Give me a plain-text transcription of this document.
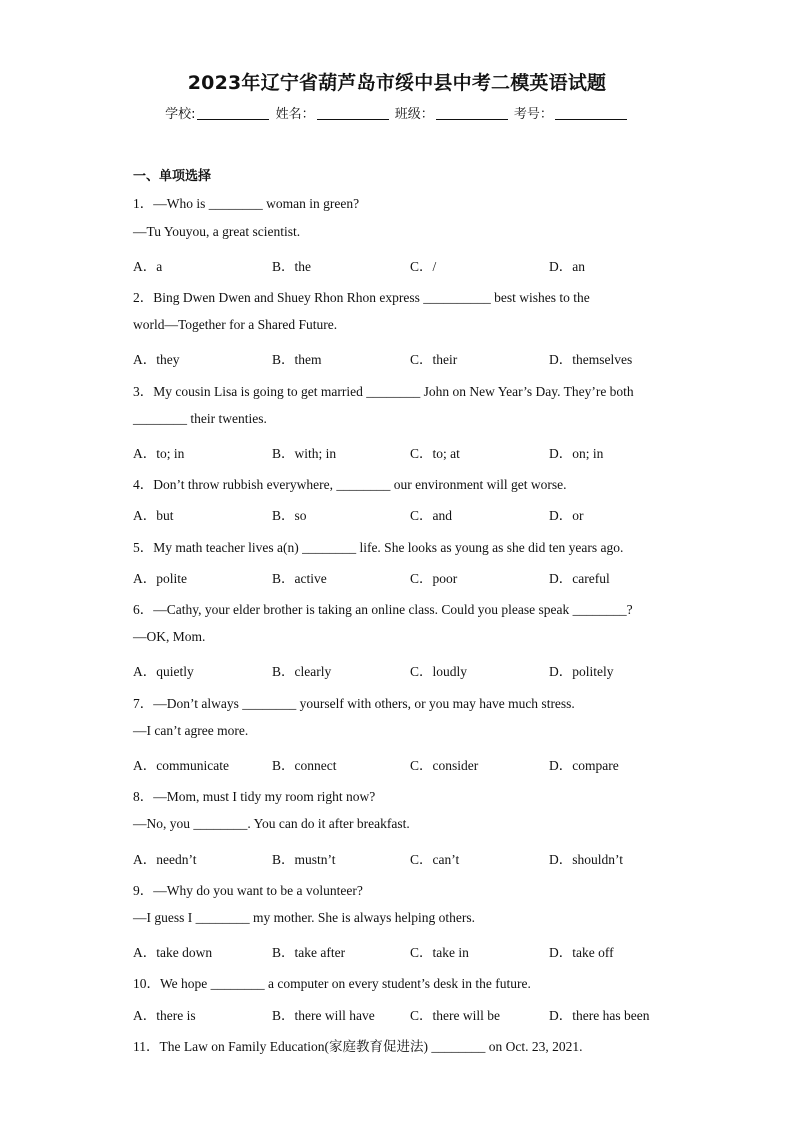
2023年辽宁省葫芦岛市绥中县中考二模英语试题
学校:	姓名：	班级：	考号：
一、单项选择
1．—Who is ________ woman in green?
—Tu Youyou, a great scientist.
A．a	B．the	C．/	D．an
2．Bing Dwen Dwen and Shuey Rhon Rhon express __________ best wishes to the
world—Together for a Shared Future.
A．they	B．them	C．their	D．themselves
3．My cousin Lisa is going to get married ________ John on New Year’s Day. They’re both
________ their twenties.
A．to; in	B．with; in	C．to; at	D．on; in
4．Don’t throw rubbish everywhere, ________ our environment will get worse.
A．but	B．so	C．and	D．or
5．My math teacher lives a(n) ________ life. She looks as young as she did ten years ago.
A．polite	B．active	C．poor	D．careful
6．—Cathy, your elder brother is taking an online class. Could you please speak ________?
—OK, Mom.
A．quietly	B．clearly	C．loudly	D．politely
7．—Don’t always ________ yourself with others, or you may have much stress.
—I can’t agree more.
A．communicate	B．connect	C．consider	D．compare
8．—Mom, must I tidy my room right now?
—No, you ________. You can do it after breakfast.
A．needn’t	B．mustn’t	C．can’t	D．shouldn’t
9．—Why do you want to be a volunteer?
—I guess I ________ my mother. She is always helping others.
A．take down	B．take after	C．take in	D．take off
10．We hope ________ a computer on every student’s desk in the future.
A．there is	B．there will have	C．there will be	D．there has been
11．The Law on Family Education(家庭教育促进法) ________ on Oct. 23, 2021.
